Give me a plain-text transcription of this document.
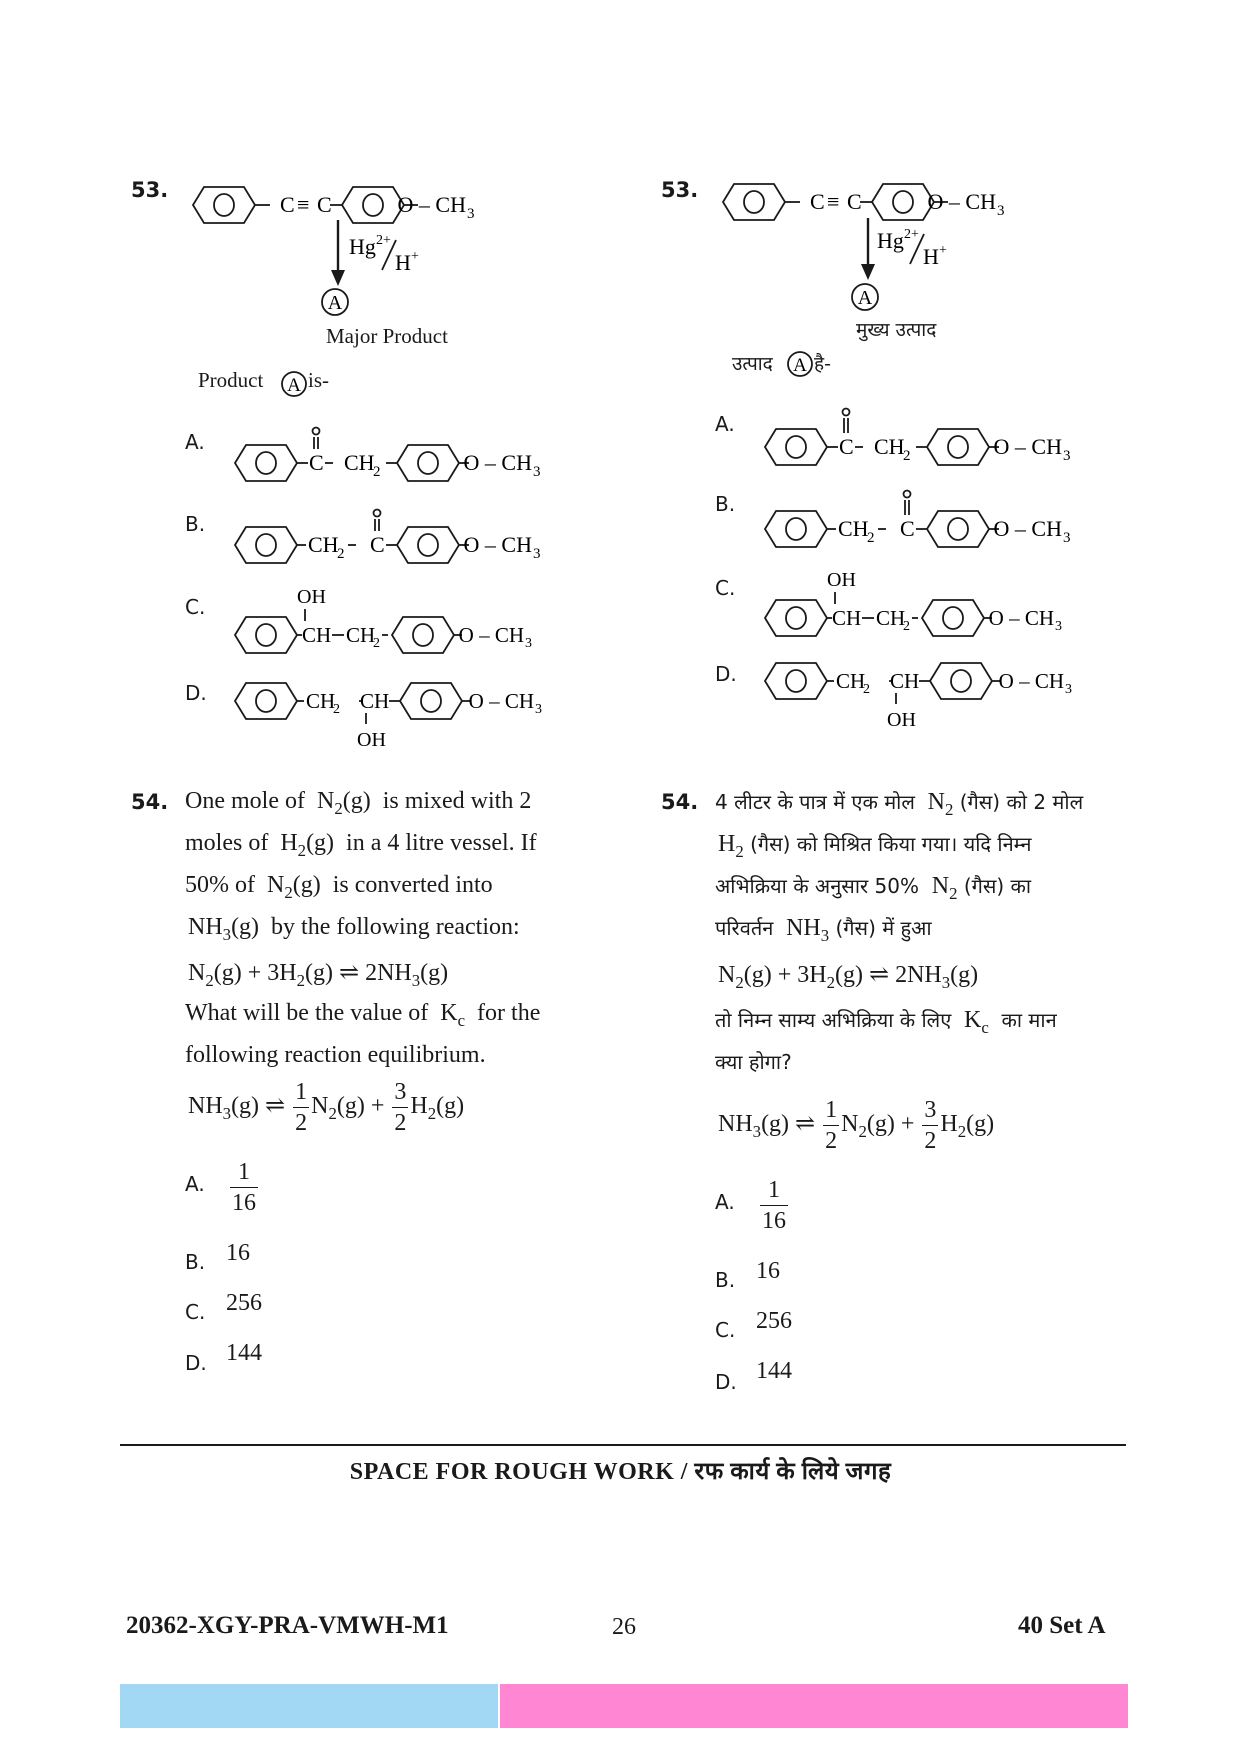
53.
C ≡ C	O – CH 3
Hg 2+
H +
A
Major Product
Product A is-
A.
C CH
2	O – CH 3
B.
CH
2 C	O – CH 3
C.	OH
CH CH
2	O – CH 3
D.	CH
2 CH
OH
O – CH 3
54. One mole of $N_2(g)$ is mixed with 2
moles of $H_2(g)$ in a 4 litre vessel. If
50% of $N_2(g)$ is converted into
$NH_3(g)$ by the following reaction:
$N_2(g) + 3H_2(g)$ ⇌ $2NH_3(g)$
What will be the value of $K_c$ for the
following reaction equilibrium.
$NH_3(g)$ ⇌ $\frac{1}{2} N_2(g) + \frac{3}{2} H_2(g)$
A. $\frac{1}{16}$
B. 16
C. 256
D. 144
53.	C ≡ C	O – CH 3
Hg 2+
H +
A
मुख्य उत्पाद
उत्पाद A है-
A.
C CH
2	O – CH 3
B.
CH
2 C	O – CH 3
C.	OH
CH CH
2	O – CH 3
D.	CH
2 CH
OH
O – CH 3
54. 4 लीटर के पात्र में एक मोल $N_2$ (गैस) को 2 मोल
$H_2$ (गैस) को मिश्रित किया गया। यदि निम्न
अभिक्रिया के अनुसार 50% $N_2$ (गैस) का
परिवर्तन $NH_3$ (गैस) में हुआ
$N_2(g) + 3H_2(g)$ ⇌ $2NH_3(g)$
तो निम्न साम्य अभिक्रिया के लिए $K_c$ का मान
क्या होगा?
$NH_3(g)$ ⇌ $\frac{1}{2} N_2(g) + \frac{3}{2} H_2(g)$
A. $\frac{1}{16}$
B. 16
C. 256
D. 144
SPACE FOR ROUGH WORK / रफ कार्य के लिये जगह
20362-XGY-PRA-VMWH-M1	26	40 Set A
